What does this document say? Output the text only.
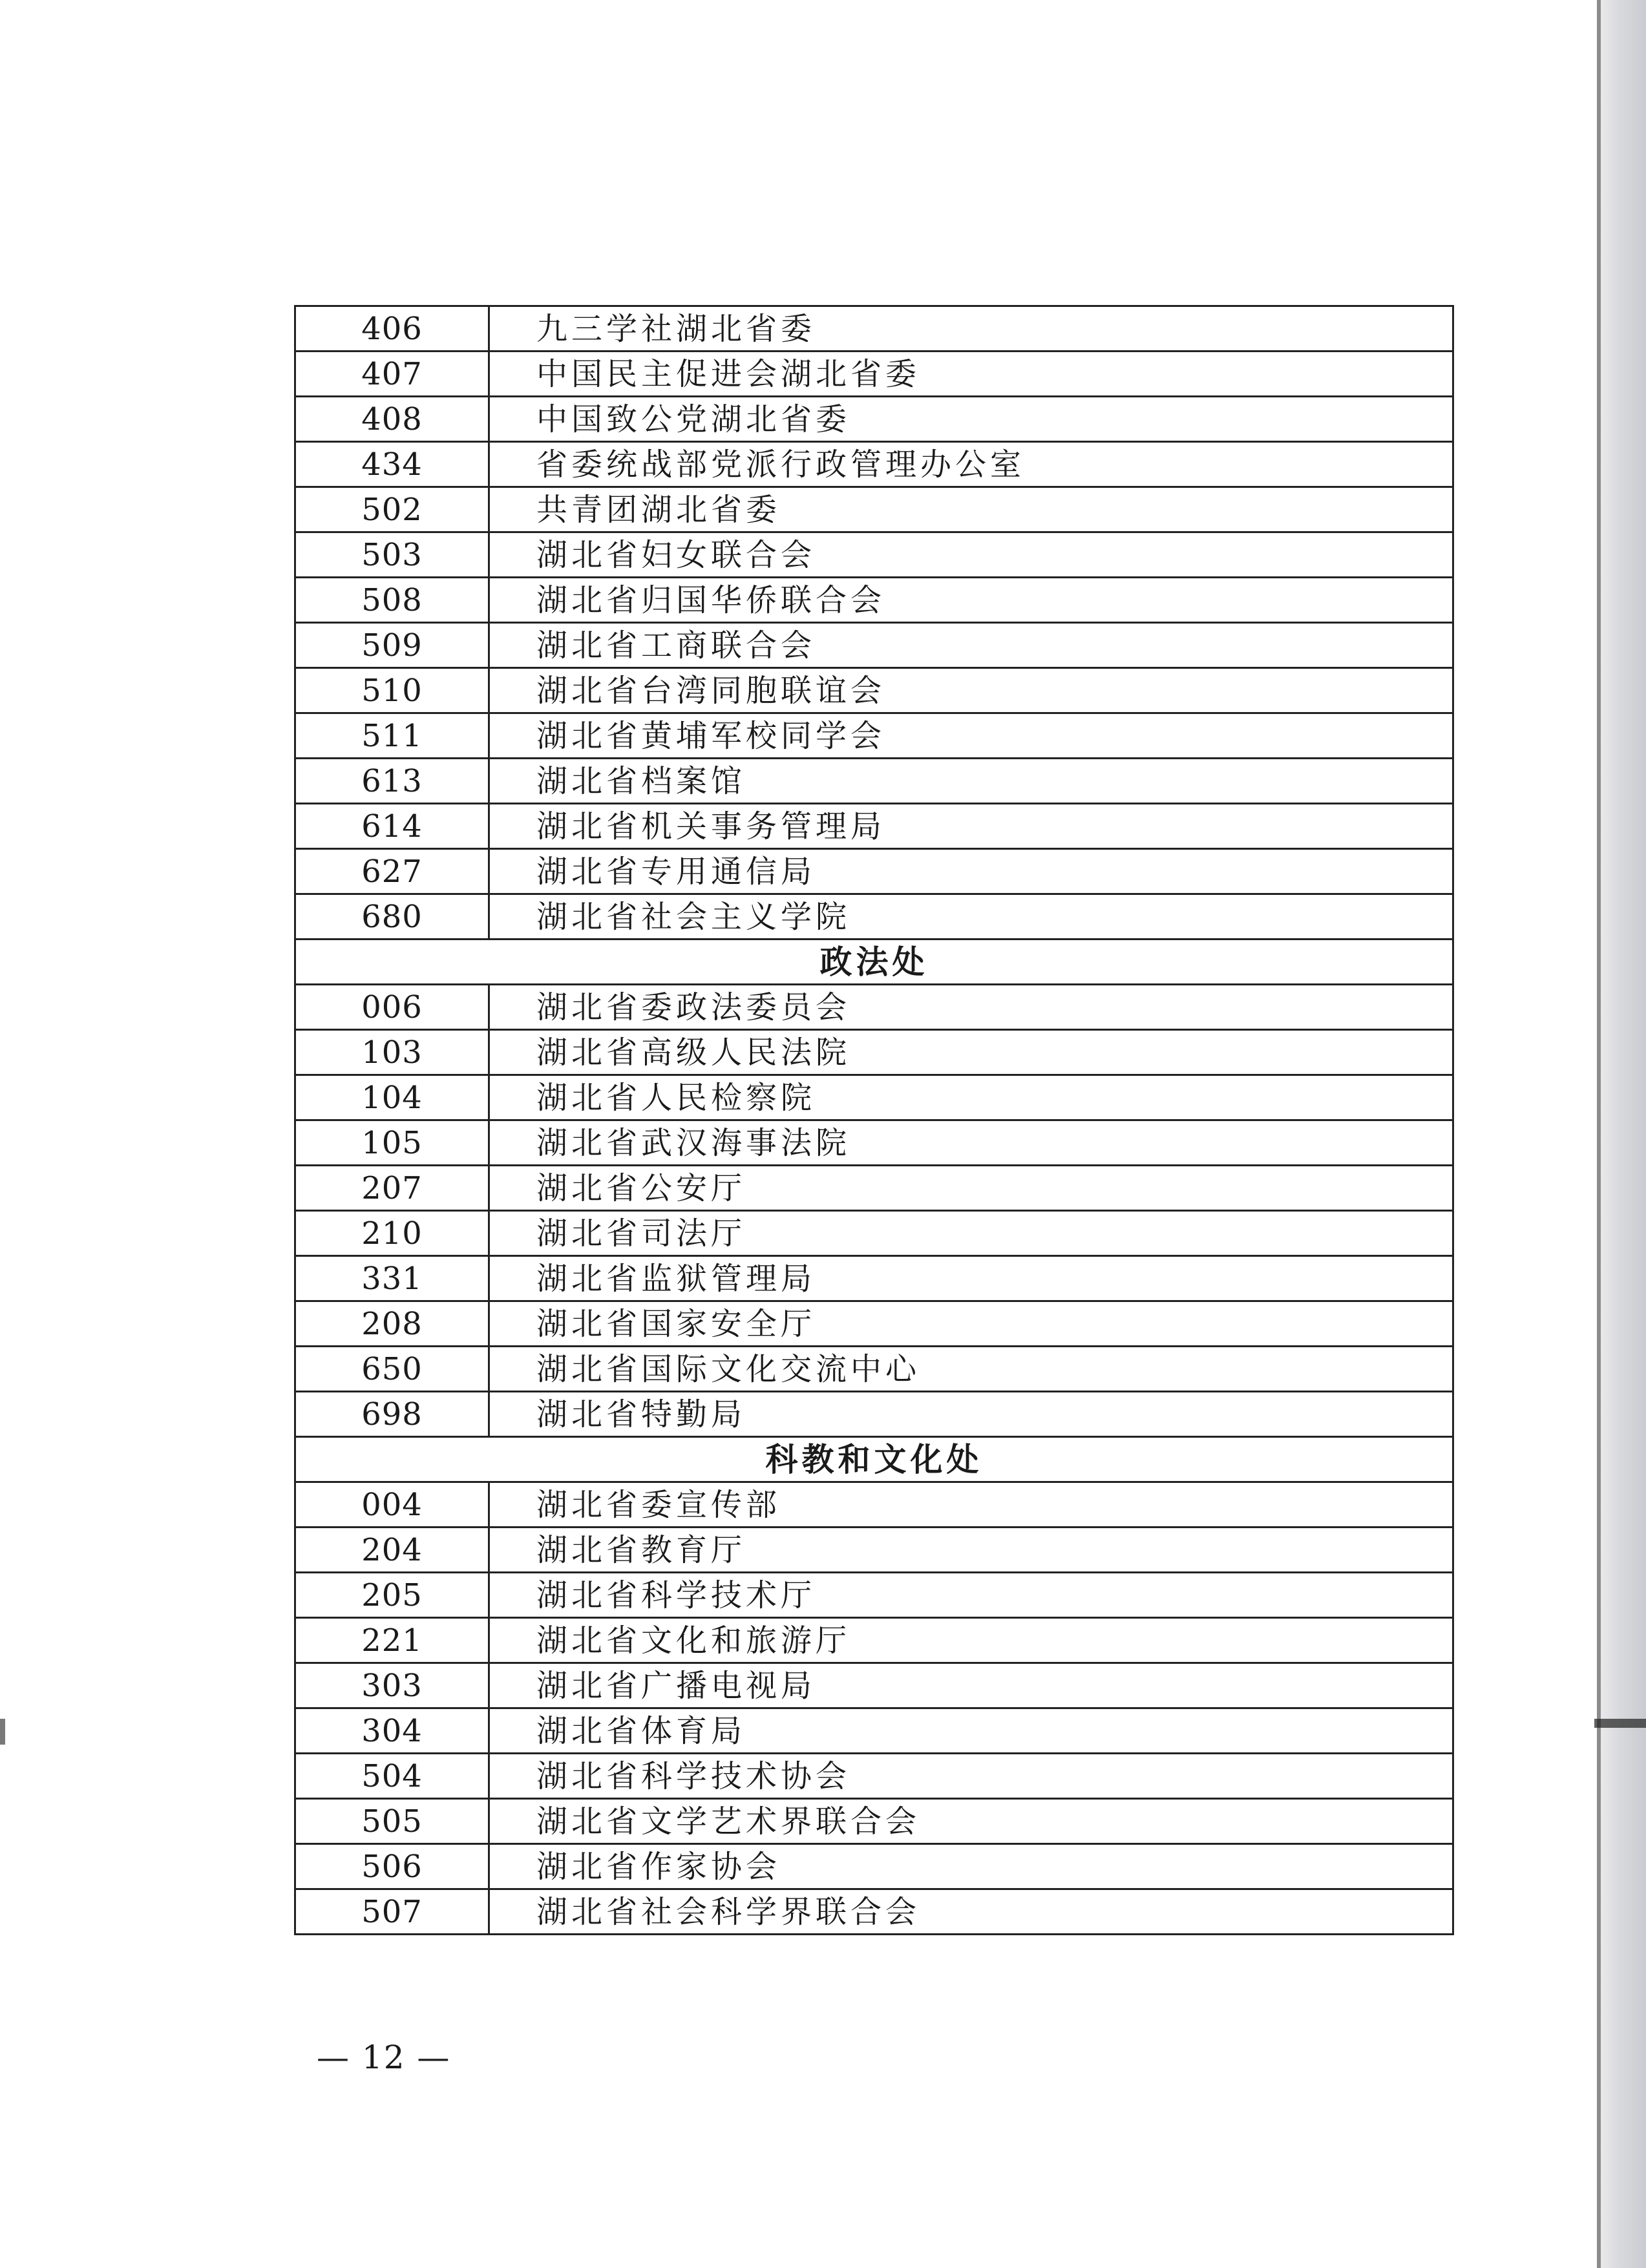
406	九三学社湖北省委
407	中国民主促进会湖北省委
408	中国致公党湖北省委
434	省委统战部党派行政管理办公室
502	共青团湖北省委
503	湖北省妇女联合会
508	湖北省归国华侨联合会
509	湖北省工商联合会
510	湖北省台湾同胞联谊会
511	湖北省黄埔军校同学会
613	湖北省档案馆
614	湖北省机关事务管理局
627	湖北省专用通信局
680	湖北省社会主义学院
政法处	
006	湖北省委政法委员会
103	湖北省高级人民法院
104	湖北省人民检察院
105	湖北省武汉海事法院
207	湖北省公安厅
210	湖北省司法厅
331	湖北省监狱管理局
208	湖北省国家安全厅
650	湖北省国际文化交流中心
698	湖北省特勤局
科教和文化处	
004	湖北省委宣传部
204	湖北省教育厅
205	湖北省科学技术厅
221	湖北省文化和旅游厅
303	湖北省广播电视局
304	湖北省体育局
504	湖北省科学技术协会
505	湖北省文学艺术界联合会
506	湖北省作家协会
507	湖北省社会科学界联合会
— 12 —
